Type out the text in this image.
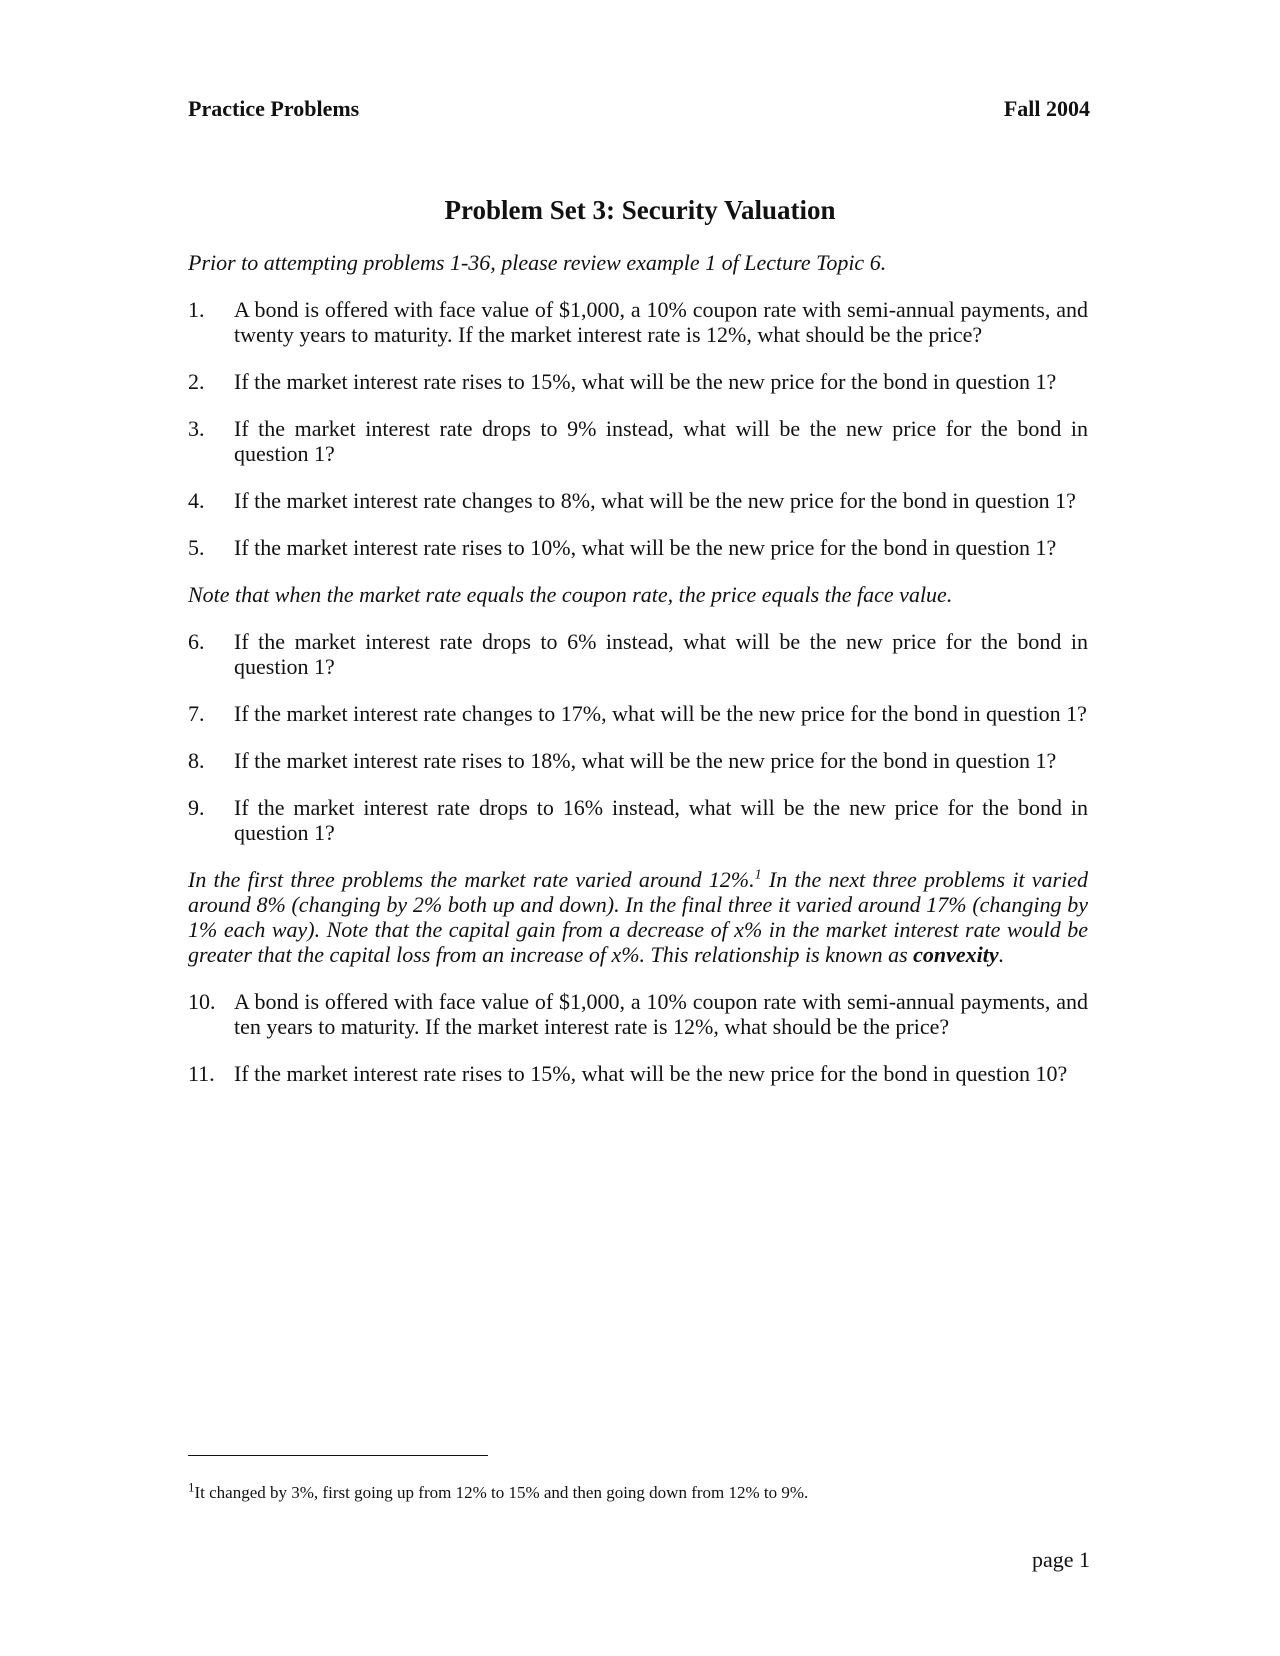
Practice Problems	Fall 2004
Problem Set 3: Security Valuation

Prior to attempting problems 1-36, please review example 1 of Lecture Topic 6.

1.	A bond is offered with face value of $1,000, a 10% coupon rate with semi-annual payments, and twenty years to maturity. If the market interest rate is 12%, what should be the price?
2.	If the market interest rate rises to 15%, what will be the new price for the bond in question 1?
3.	If the market interest rate drops to 9% instead, what will be the new price for the bond in question 1?
4.	If the market interest rate changes to 8%, what will be the new price for the bond in question 1?
5.	If the market interest rate rises to 10%, what will be the new price for the bond in question 1?

Note that when the market rate equals the coupon rate, the price equals the face value.

6.	If the market interest rate drops to 6% instead, what will be the new price for the bond in question 1?
7.	If the market interest rate changes to 17%, what will be the new price for the bond in question 1?
8.	If the market interest rate rises to 18%, what will be the new price for the bond in question 1?
9.	If the market interest rate drops to 16% instead, what will be the new price for the bond in question 1?

In the first three problems the market rate varied around 12%.$^1$ In the next three problems it varied around 8% (changing by 2% both up and down). In the final three it varied around 17% (changing by 1% each way). Note that the capital gain from a decrease of x% in the market interest rate would be greater that the capital loss from an increase of x%. This relationship is known as convexity.

10. A bond is offered with face value of $1,000, a 10% coupon rate with semi-annual payments, and ten years to maturity. If the market interest rate is 12%, what should be the price?
11. If the market interest rate rises to 15%, what will be the new price for the bond in question 10?
$^1$It changed by 3%, first going up from 12% to 15% and then going down from 12% to 9%.
page 1
